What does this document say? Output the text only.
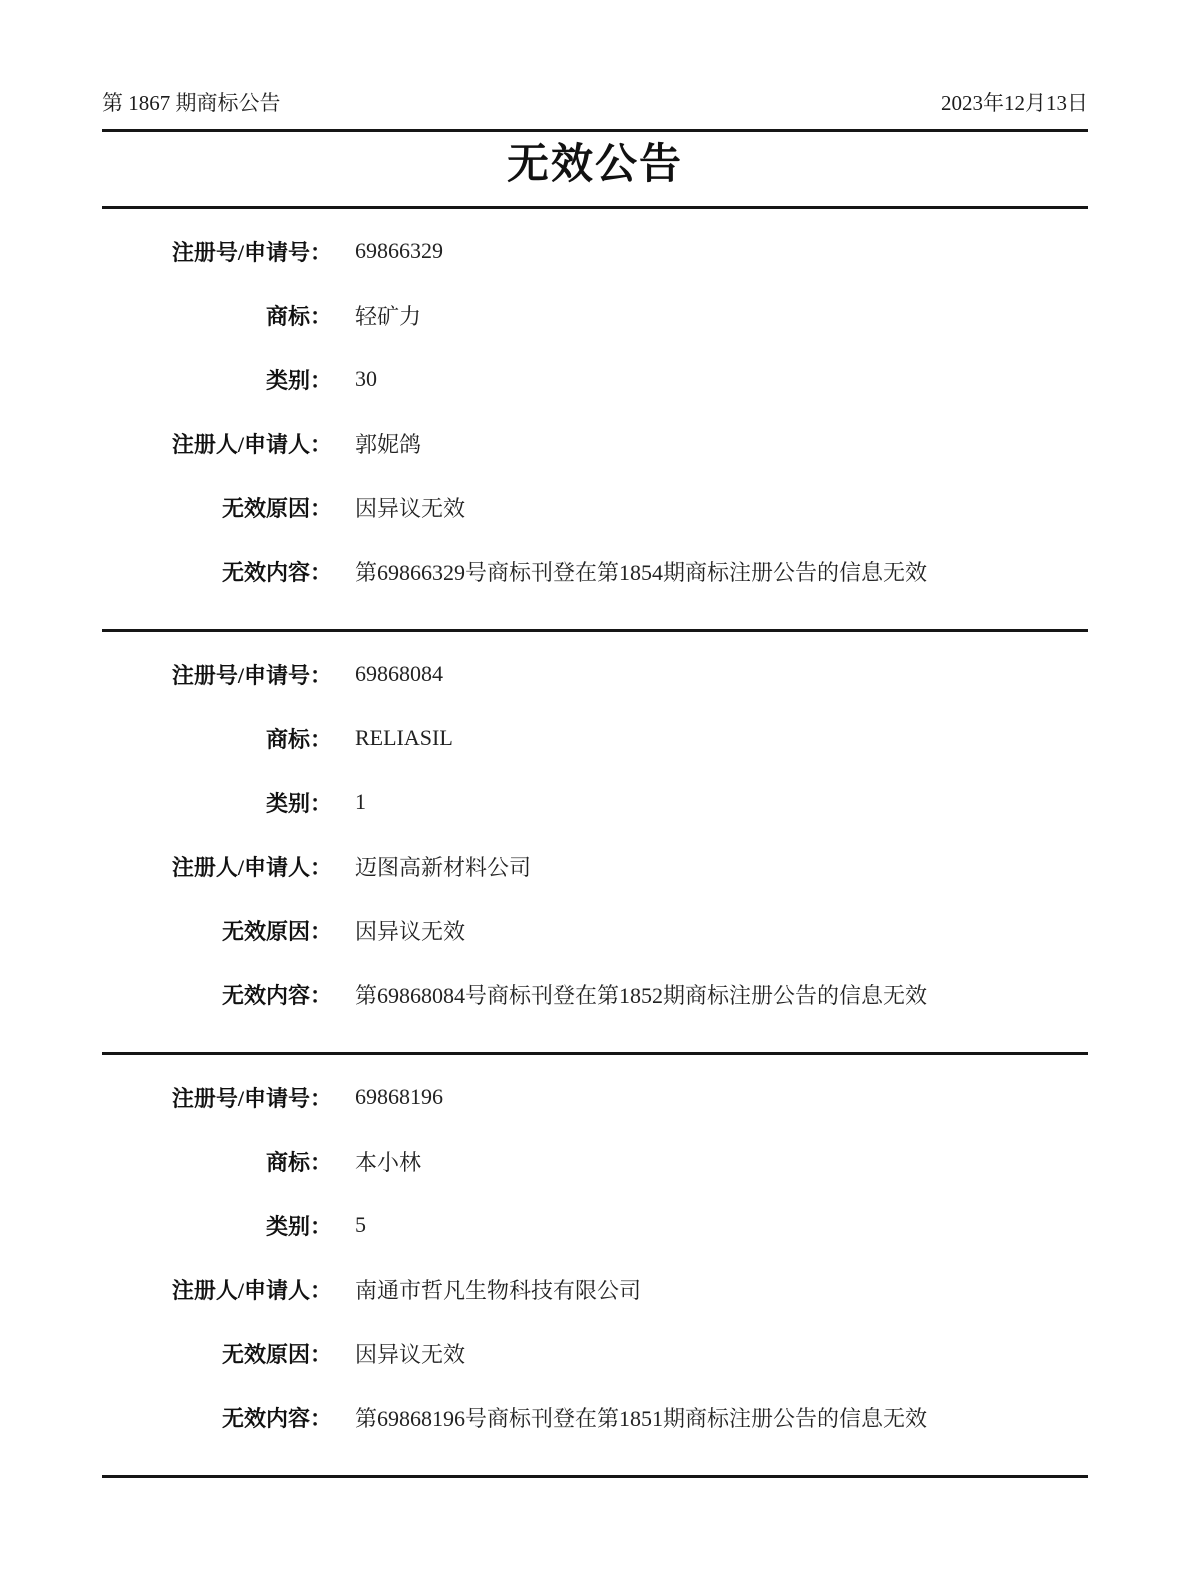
第 1867 期商标公告	2023年12月13日
无效公告
注册号/申请号： 69866329
商标： 轻矿力
类别： 30
注册人/申请人： 郭妮鸽
无效原因： 因异议无效
无效内容： 第69866329号商标刊登在第1854期商标注册公告的信息无效
注册号/申请号： 69868084
商标： RELIASIL
类别： 1
注册人/申请人： 迈图高新材料公司
无效原因： 因异议无效
无效内容： 第69868084号商标刊登在第1852期商标注册公告的信息无效
注册号/申请号： 69868196
商标： 本小林
类别： 5
注册人/申请人： 南通市哲凡生物科技有限公司
无效原因： 因异议无效
无效内容： 第69868196号商标刊登在第1851期商标注册公告的信息无效
